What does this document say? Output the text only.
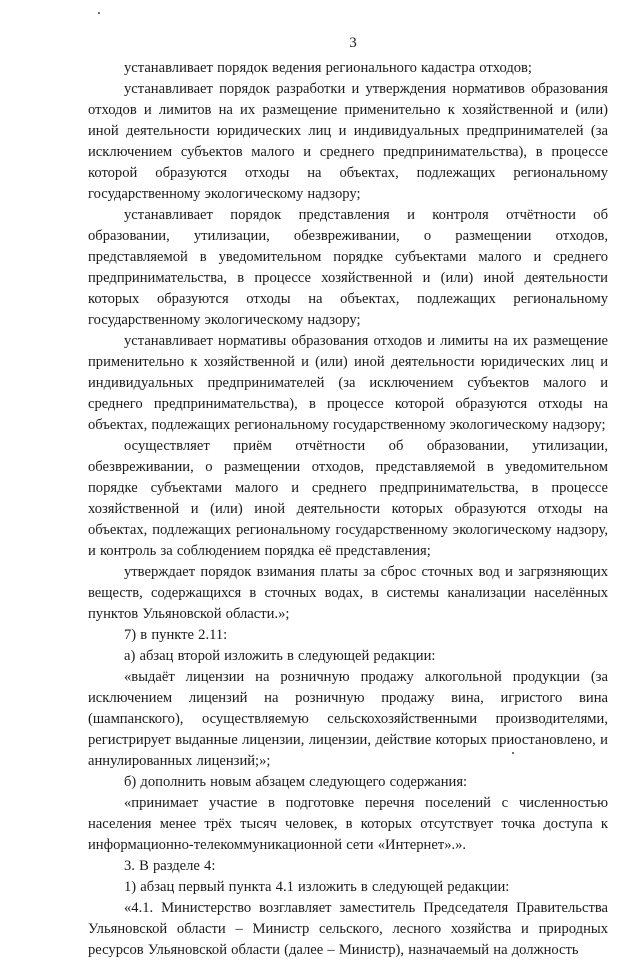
3

устанавливает порядок ведения регионального кадастра отходов;

устанавливает порядок разработки и утверждения нормативов образования отходов и лимитов на их размещение применительно к хозяйственной и (или) иной деятельности юридических лиц и индивидуальных предпринимателей (за исключением субъектов малого и среднего предпринимательства), в процессе которой образуются отходы на объектах, подлежащих региональному государственному экологическому надзору;

устанавливает порядок представления и контроля отчётности об образовании, утилизации, обезвреживании, о размещении отходов, представляемой в уведомительном порядке субъектами малого и среднего предпринимательства, в процессе хозяйственной и (или) иной деятельности которых образуются отходы на объектах, подлежащих региональному государственному экологическому надзору;

устанавливает нормативы образования отходов и лимиты на их размещение применительно к хозяйственной и (или) иной деятельности юридических лиц и индивидуальных предпринимателей (за исключением субъектов малого и среднего предпринимательства), в процессе которой образуются отходы на объектах, подлежащих региональному государственному экологическому надзору;

осуществляет приём отчётности об образовании, утилизации, обезвреживании, о размещении отходов, представляемой в уведомительном порядке субъектами малого и среднего предпринимательства, в процессе хозяйственной и (или) иной деятельности которых образуются отходы на объектах, подлежащих региональному государственному экологическому надзору, и контроль за соблюдением порядка её представления;

утверждает порядок взимания платы за сброс сточных вод и загрязняющих веществ, содержащихся в сточных водах, в системы канализации населённых пунктов Ульяновской области.»;

7) в пункте 2.11:

а) абзац второй изложить в следующей редакции:

«выдаёт лицензии на розничную продажу алкогольной продукции (за исключением лицензий на розничную продажу вина, игристого вина (шампанского), осуществляемую сельскохозяйственными производителями, регистрирует выданные лицензии, лицензии, действие которых приостановлено, и аннулированных лицензий;»;

б) дополнить новым абзацем следующего содержания:

«принимает участие в подготовке перечня поселений с численностью населения менее трёх тысяч человек, в которых отсутствует точка доступа к информационно-телекоммуникационной сети «Интернет».».

3. В разделе 4:

1) абзац первый пункта 4.1 изложить в следующей редакции:

«4.1. Министерство возглавляет заместитель Председателя Правительства Ульяновской области – Министр сельского, лесного хозяйства и природных ресурсов Ульяновской области (далее – Министр), назначаемый на должность
